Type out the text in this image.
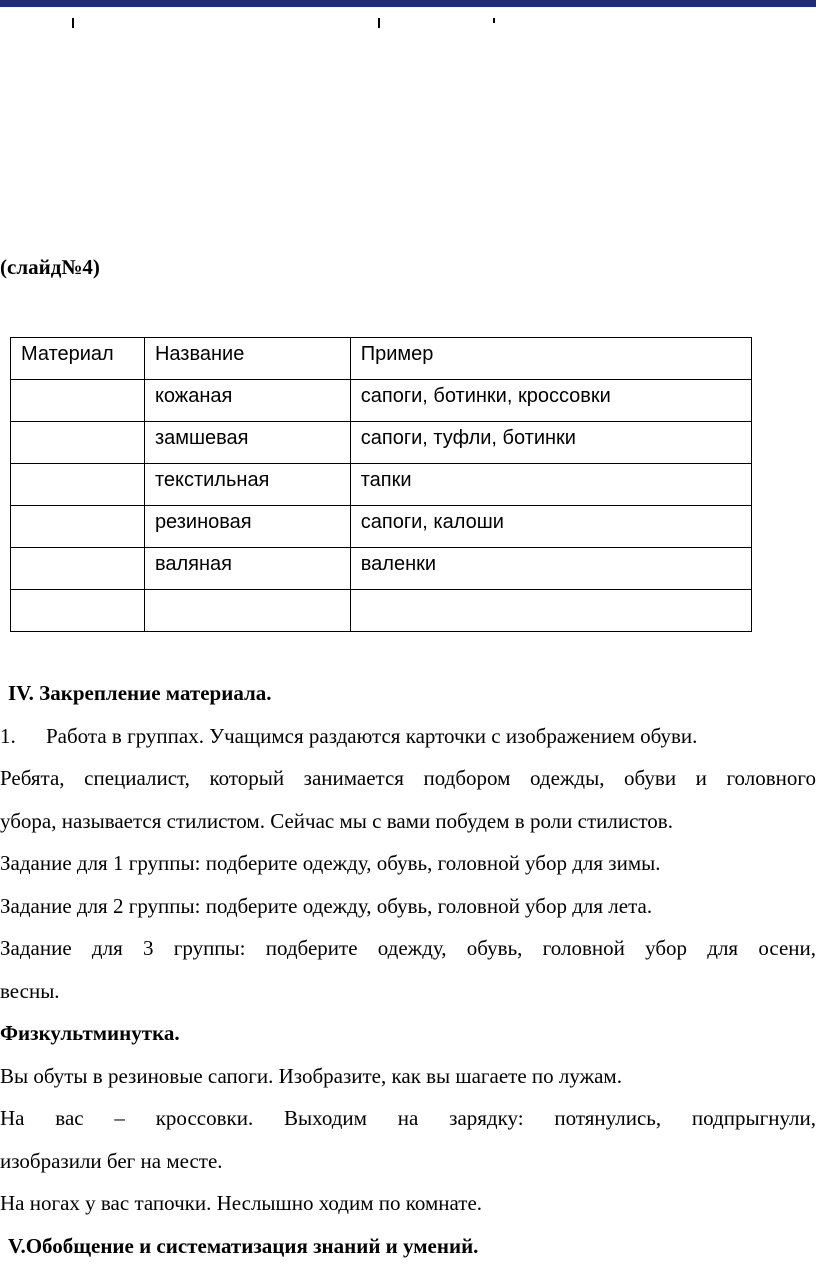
(слайд№4)
Материал	Название	Пример
	кожаная	сапоги, ботинки, кроссовки
	замшевая	сапоги, туфли, ботинки
	текстильная	тапки
	резиновая	сапоги, калоши
	валяная	валенки

IV. Закрепление материала.

1. Работа в группах. Учащимся раздаются карточки с изображением обуви.

Ребята, специалист, который занимается подбором одежды, обуви и головного

убора, называется стилистом. Сейчас мы с вами побудем в роли стилистов.

Задание для 1 группы: подберите одежду, обувь, головной убор для зимы.

Задание для 2 группы: подберите одежду, обувь, головной убор для лета.

Задание для 3 группы: подберите одежду, обувь, головной убор для осени,

весны.

Физкультминутка.

Вы обуты в резиновые сапоги. Изобразите, как вы шагаете по лужам.

На вас – кроссовки. Выходим на зарядку: потянулись, подпрыгнули,

изобразили бег на месте.

На ногах у вас тапочки. Неслышно ходим по комнате.

V.Обобщение и систематизация знаний и умений.
